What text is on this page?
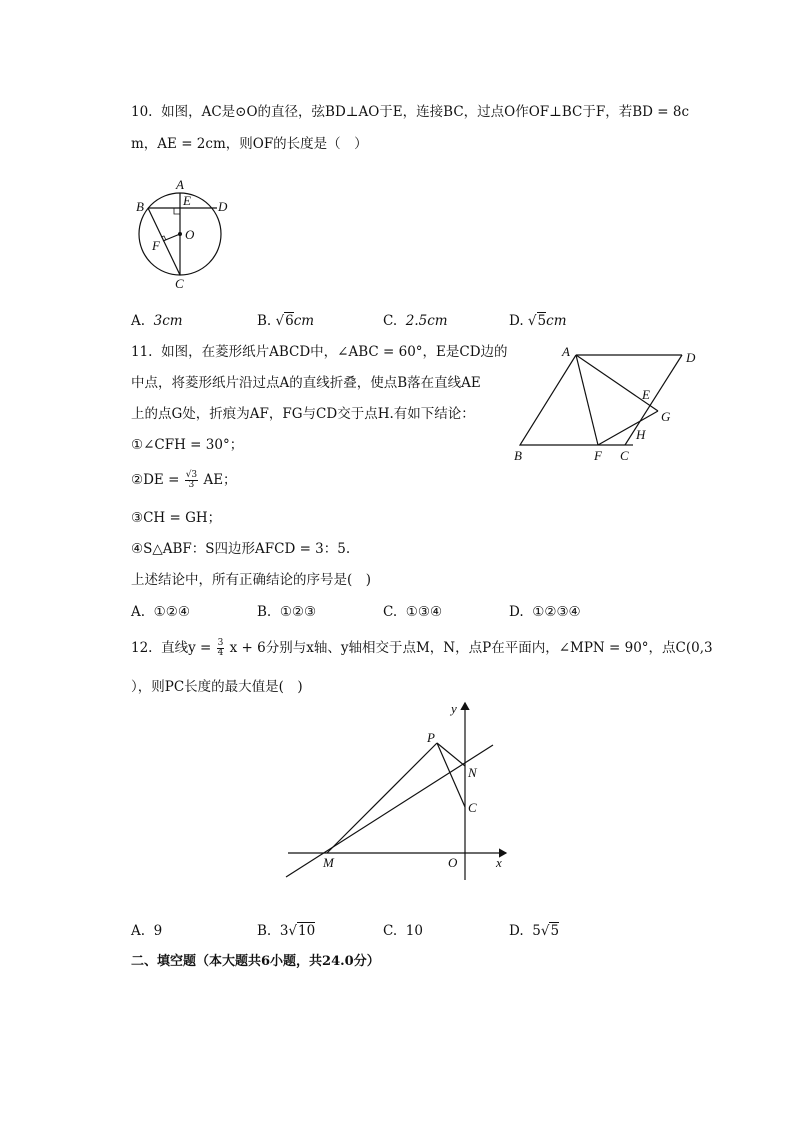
10. 如图，AC是⊙O的直径，弦BD⊥AO于E，连接BC，过点O作OF⊥BC于F，若BD = 8c
m，AE = 2cm，则OF的长度是（　）
A
B	D
E
O
F
C
A. 3cm	B. √6cm	C. 2.5cm	D. √5cm
11. 如图，在菱形纸片ABCD中，∠ABC = 60°，E是CD边的
中点，将菱形纸片沿过点A的直线折叠，使点B落在直线AE
上的点G处，折痕为AF，FG与CD交于点H.有如下结论：
①∠CFH = 30°；
②DE = $\frac{√3}{3}$ AE；
③CH = GH；
④S△ABF：S四边形AFCD = 3：5.
上述结论中，所有正确结论的序号是(　)
A	D
E
G
H
B	F C
A. ①②④	B. ①②③	C. ①③④	D. ①②③④
12. 直线$y = \frac{3}{4}$ x + 6分别与x轴、y轴相交于点M，N，点P在平面内，∠MPN = 90°，点C(0,3
），则PC长度的最大值是(　)
y
P
N
C
M	O	x
A. 9	B. 3√10	C. 10	D. 5√5
二、填空题（本大题共6小题，共24.0分）
